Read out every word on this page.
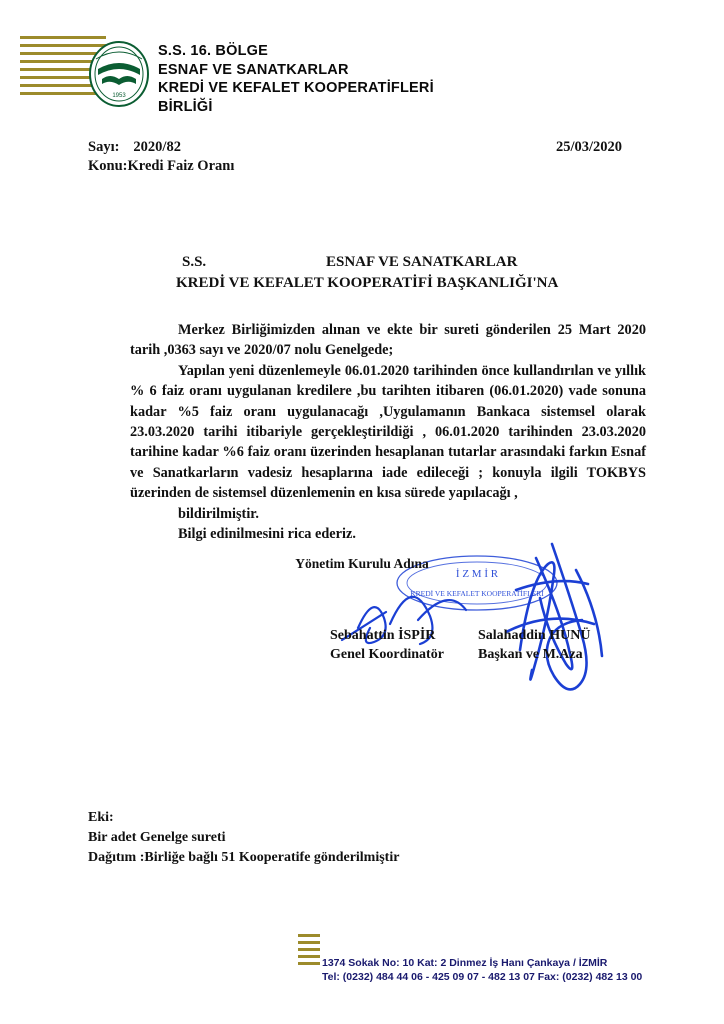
1953
S.S. 16. BÖLGE
ESNAF VE SANATKARLAR
KREDİ VE KEFALET KOOPERATİFLERİ
BİRLİĞİ
Sayı: 2020/82	25/03/2020
Konu:Kredi Faiz Oranı
S.S.	ESNAF VE SANATKARLAR
KREDİ VE KEFALET KOOPERATİFİ BAŞKANLIĞI'NA

Merkez Birliğimizden alınan ve ekte bir sureti gönderilen 25 Mart 2020 tarih ,0363 sayı ve 2020/07 nolu Genelgede;

Yapılan yeni düzenlemeyle 06.01.2020 tarihinden önce kullandırılan ve yıllık % 6 faiz oranı uygulanan kredilere ,bu tarihten itibaren (06.01.2020) vade sonuna kadar %5 faiz oranı uygulanacağı ,Uygulamanın Bankaca sistemsel olarak 23.03.2020 tarihi itibariyle gerçekleştirildiği , 06.01.2020 tarihinden 23.03.2020 tarihine kadar %6 faiz oranı üzerinden hesaplanan tutarlar arasındaki farkın Esnaf ve Sanatkarların vadesiz hesaplarına iade edileceği ; konuyla ilgili TOKBYS üzerinden de sistemsel düzenlemenin en kısa sürede yapılacağı ,

bildirilmiştir.

Bilgi edinilmesini rica ederiz.

İ Z M İ R
KREDİ VE KEFALET KOOPERATİFLERİ
Yönetim Kurulu Adına
Sebahattin İSPİR
Genel Koordinatör
Salahaddin HUNÜ
Başkan ve M.Aza
Eki:
Bir adet Genelge sureti
Dağıtım :Birliğe bağlı 51 Kooperatife gönderilmiştir
1374 Sokak No: 10 Kat: 2 Dinmez İş Hanı Çankaya / İZMİR
Tel: (0232) 484 44 06 - 425 09 07 - 482 13 07 Fax: (0232) 482 13 00
